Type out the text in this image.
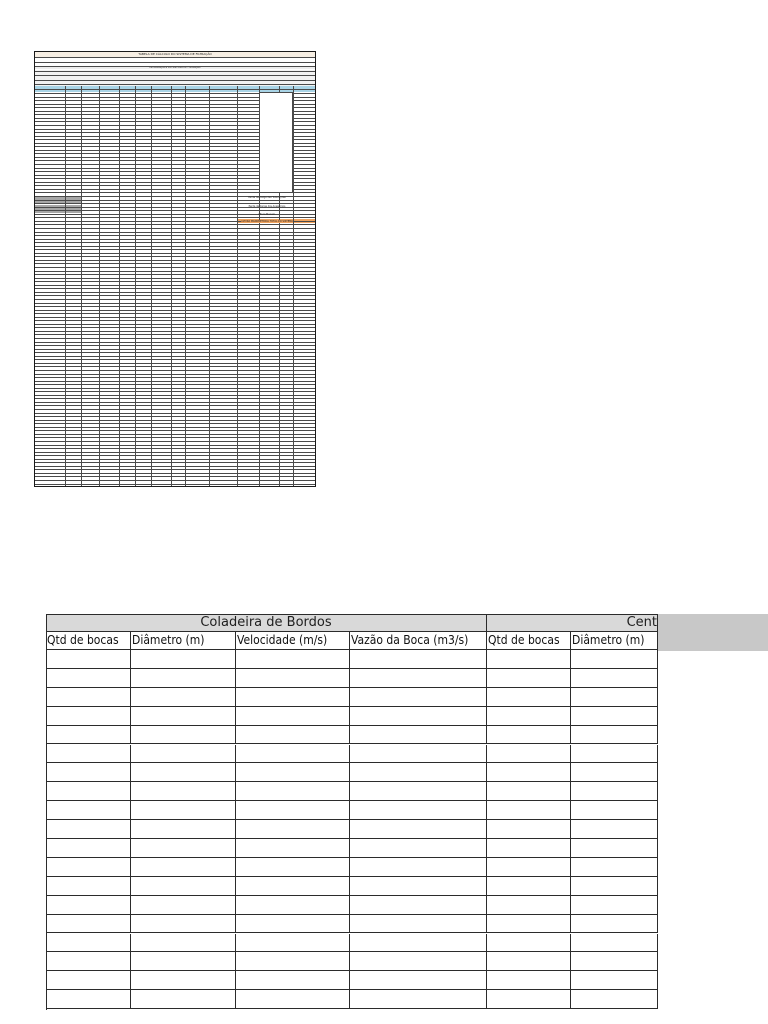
TABELA DE CÁLCULO DO SISTEMA DE FILTRAÇÃO
INFORMAÇÕES DO SISTEMA DE FILTRAÇÃO
Perda de Carga das Tubulações
Perda de Carga dos Acessórios
Altura Manom.
ALTURA MANOMÉTRICA TOTAL DO SISTEMA
Coladeira de Bordos	Cent
Qtd de bocas	Diâmetro (m)	Velocidade (m/s)	Vazão da Boca (m3/s)	Qtd de bocas	Diâmetro (m)
